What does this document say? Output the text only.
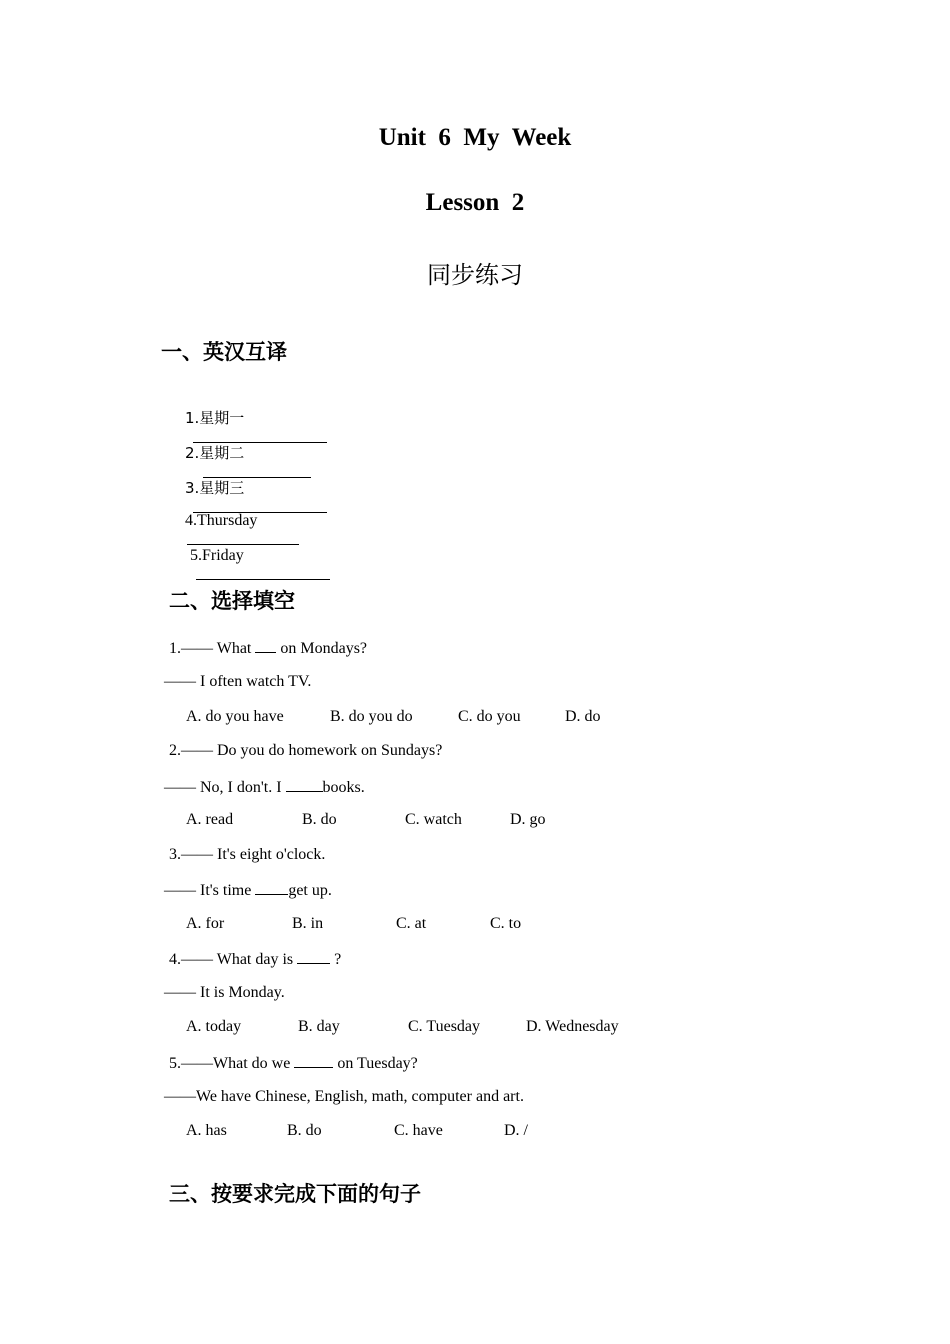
Unit  6  My  Week
Lesson  2
同步练习
一、英汉互译

1.星期一

2.星期二

3.星期三

4.Thursday

5.Friday

二、选择填空
1.—— What  on Mondays?
—— I often watch TV.
A. do you have	B. do you do	C. do you	D. do
2.—— Do you do homework on Sundays?
—— No, I don't. I books.
A. read	B. do	C. watch	D. go
3.—— It's eight o'clock.
—— It's time get up.
A. for	B. in	C. at	C. to
4.—— What day is  ?
—— It is Monday.
A. today	B. day	C. Tuesday	D. Wednesday
5.——What do we  on Tuesday?
——We have Chinese, English, math, computer and art.
A. has	B. do	C. have	D. /
三、按要求完成下面的句子
